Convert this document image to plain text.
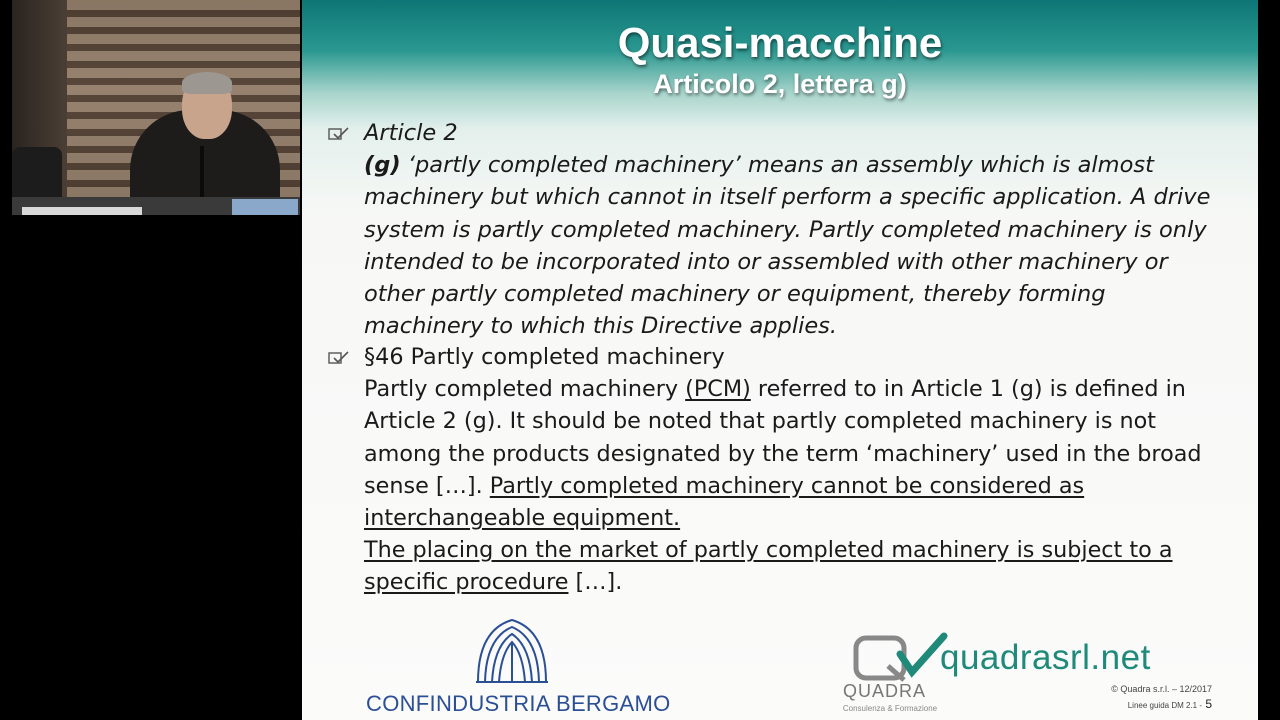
Quasi-macchine
Articolo 2, lettera g)
Article 2
(g) ‘partly completed machinery’ means an assembly which is almost
machinery but which cannot in itself perform a specific application. A drive
system is partly completed machinery. Partly completed machinery is only
intended to be incorporated into or assembled with other machinery or
other partly completed machinery or equipment, thereby forming
machinery to which this Directive applies.
§46 Partly completed machinery
Partly completed machinery (PCM) referred to in Article 1 (g) is defined in
Article 2 (g). It should be noted that partly completed machinery is not
among the products designated by the term ‘machinery’ used in the broad
sense […]. Partly completed machinery cannot be considered as
interchangeable equipment.
The placing on the market of partly completed machinery is subject to a
specific procedure […].
CONFINDUSTRIA BERGAMO	QUADRA
Consulenza & Formazione
quadrasrl.net
© Quadra s.r.l. – 12/2017
Linee guida DM 2.1 - 5
